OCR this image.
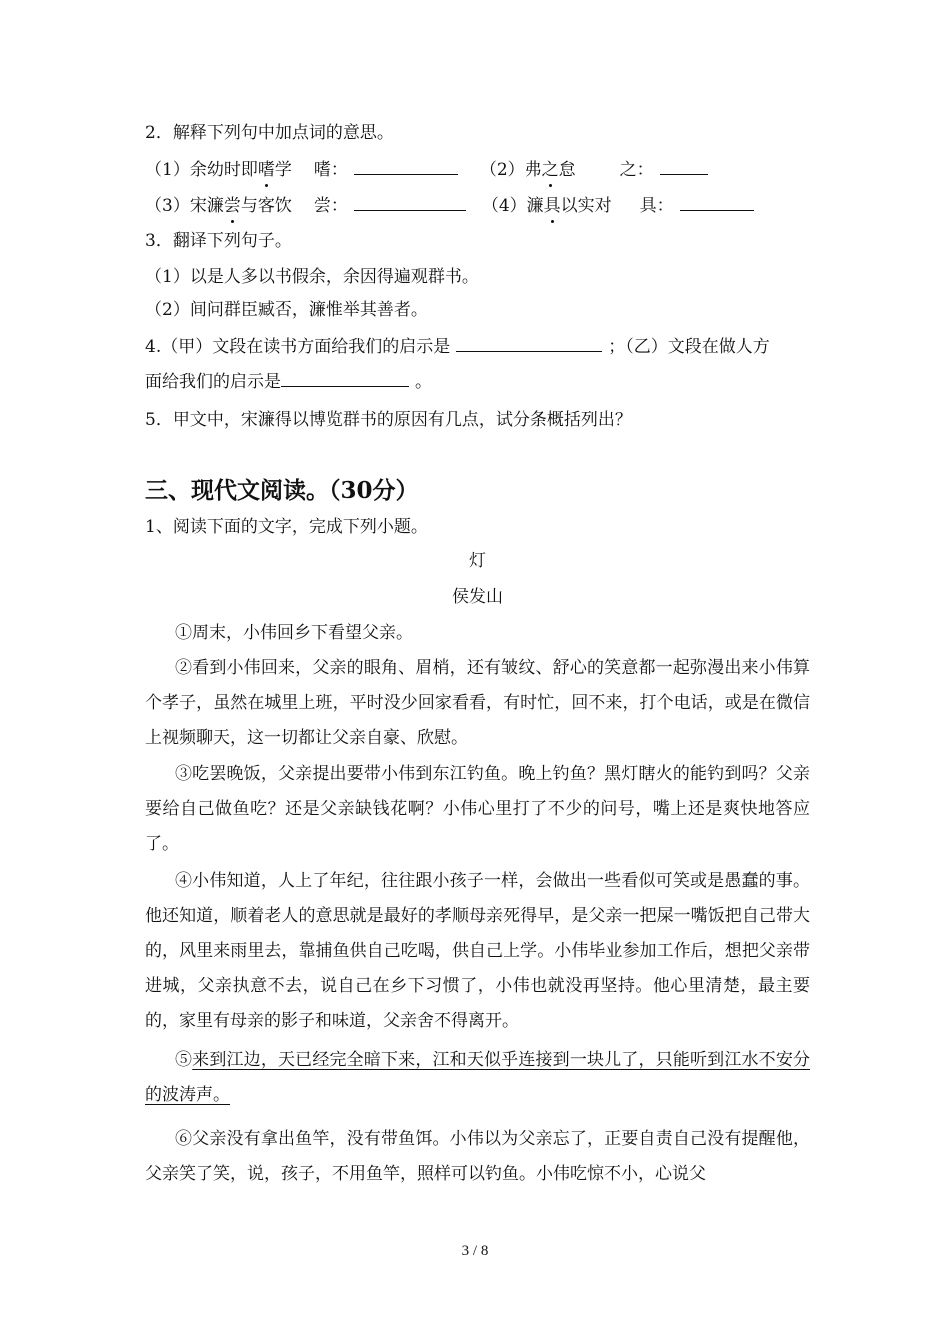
2．解释下列句中加点词的意思。
（1）余幼时即嗜学 嗜：	（2）弗之怠	之：
（3）宋濂尝与客饮 尝：	（4）濂具以实对 具：
3．翻译下列句子。
（1）以是人多以书假余，余因得遍观群书。
（2）间问群臣臧否，濂惟举其善者。
4.（甲）文段在读书方面给我们的启示是	；（乙）文段在做人方
面给我们的启示是	。
5．甲文中，宋濂得以博览群书的原因有几点，试分条概括列出？
三、现代文阅读。（30分）
1、阅读下面的文字，完成下列小题。
灯
侯发山
①周末，小伟回乡下看望父亲。
②看到小伟回来，父亲的眼角、眉梢，还有皱纹、舒心的笑意都一起弥漫出来小伟算个孝子，虽然在城里上班，平时没少回家看看，有时忙，回不来，打个电话，或是在微信上视频聊天，这一切都让父亲自豪、欣慰。
③吃罢晚饭，父亲提出要带小伟到东江钓鱼。晚上钓鱼？黑灯瞎火的能钓到吗？父亲要给自己做鱼吃？还是父亲缺钱花啊？小伟心里打了不少的问号，嘴上还是爽快地答应了。
④小伟知道，人上了年纪，往往跟小孩子一样，会做出一些看似可笑或是愚蠢的事。他还知道，顺着老人的意思就是最好的孝顺母亲死得早，是父亲一把屎一嘴饭把自己带大的，风里来雨里去，靠捕鱼供自己吃喝，供自己上学。小伟毕业参加工作后，想把父亲带进城，父亲执意不去，说自己在乡下习惯了，小伟也就没再坚持。他心里清楚，最主要的，家里有母亲的影子和味道，父亲舍不得离开。
⑤来到江边，天已经完全暗下来，江和天似乎连接到一块儿了，只能听到江水不安分的波涛声。
⑥父亲没有拿出鱼竿，没有带鱼饵。小伟以为父亲忘了，正要自责自己没有提醒他，父亲笑了笑，说，孩子，不用鱼竿，照样可以钓鱼。小伟吃惊不小，心说父
3 / 8
